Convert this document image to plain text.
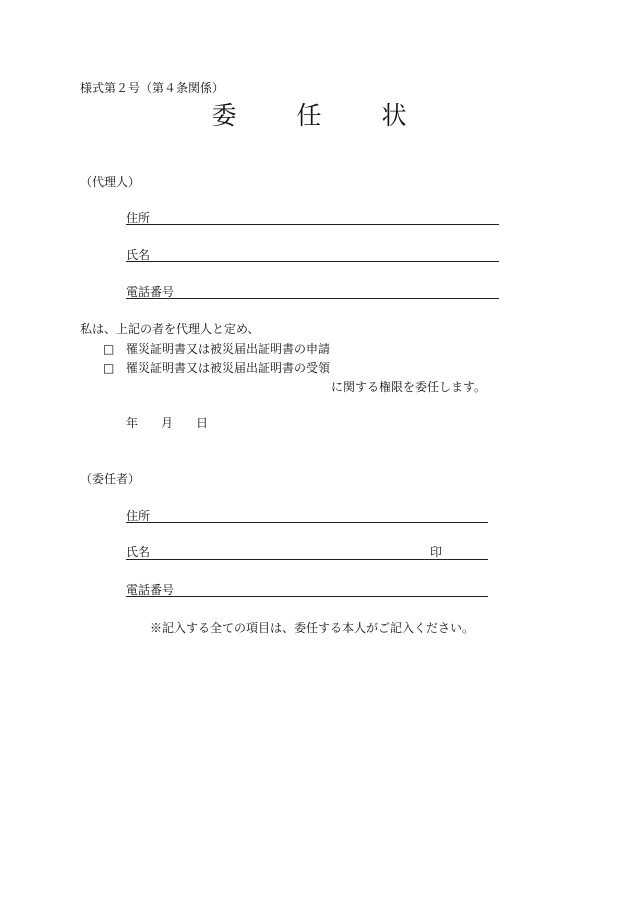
様式第２号（第４条関係）
委 任 状
（代理人）
住所
氏名
電話番号
私は、上記の者を代理人と定め、
□ 罹災証明書又は被災届出証明書の申請
□ 罹災証明書又は被災届出証明書の受領
に関する権限を委任します。
年 月 日
（委任者）
住所
氏名	印
電話番号
※記入する全ての項目は、委任する本人がご記入ください。
